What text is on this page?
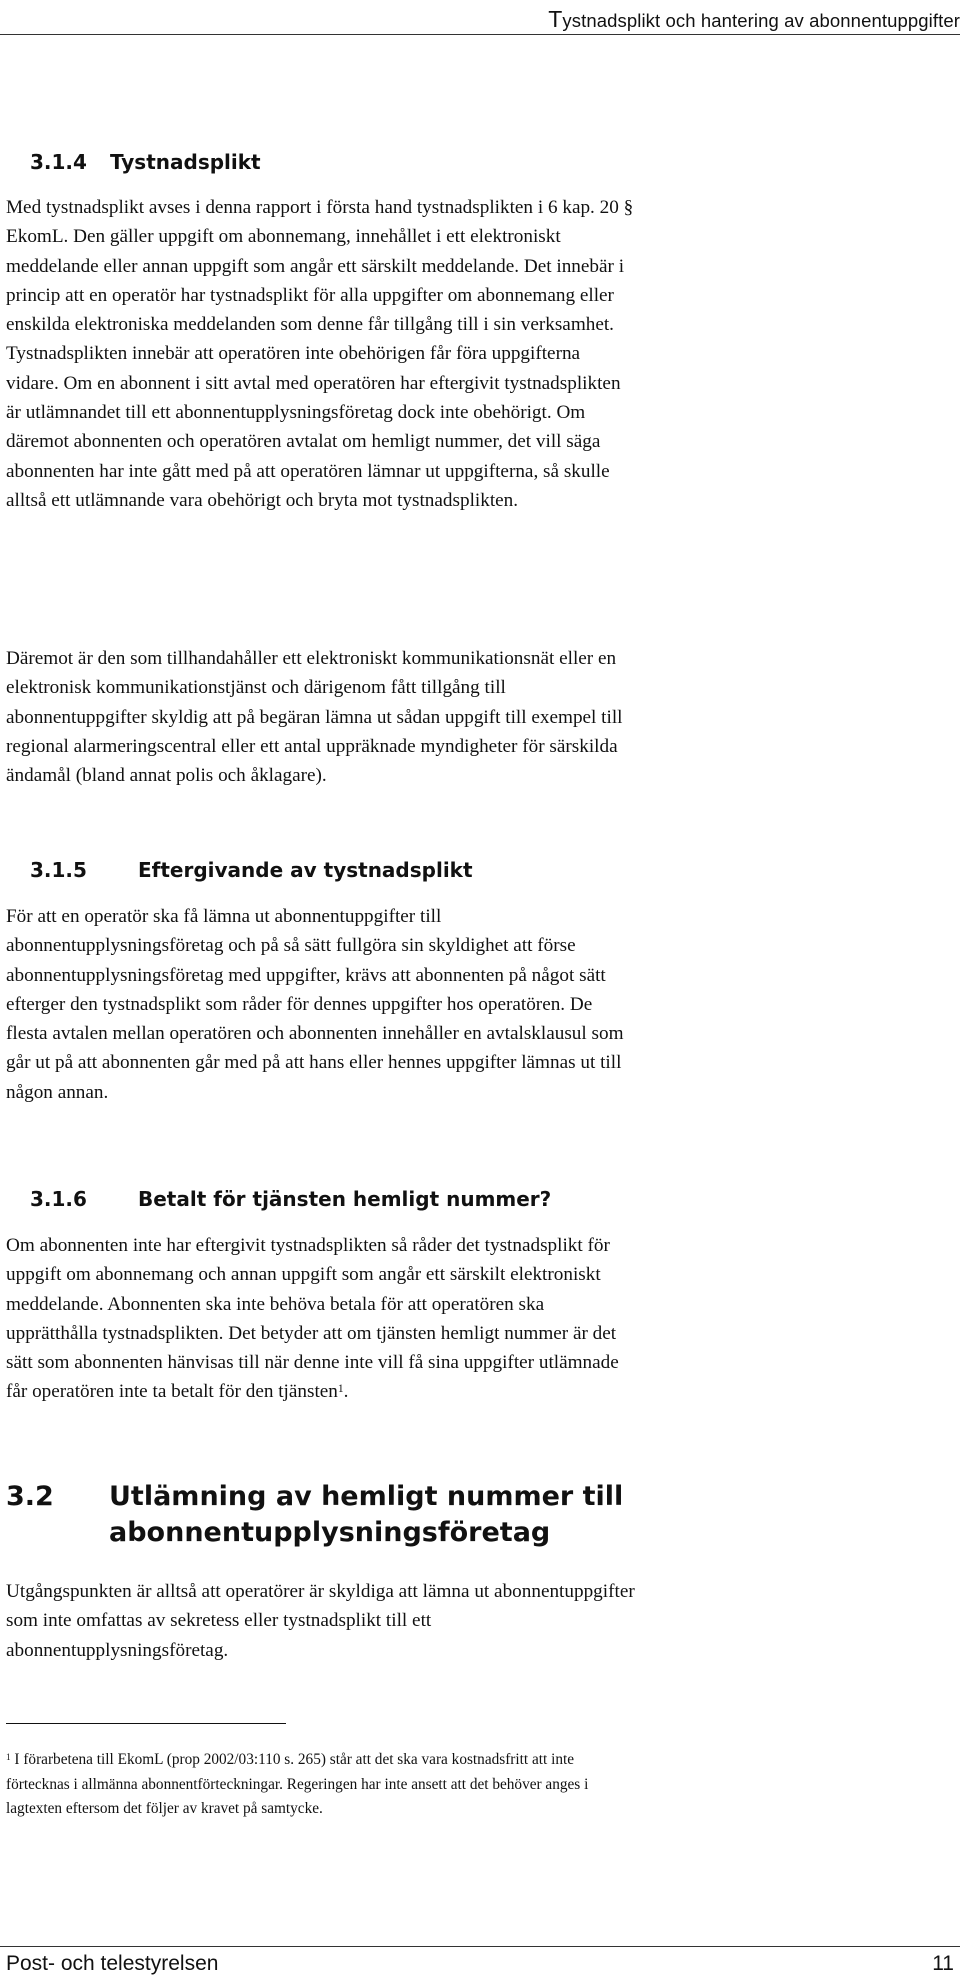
Tystnadsplikt och hantering av abonnentuppgifter
3.1.4 Tystnadsplikt
Med tystnadsplikt avses i denna rapport i första hand tystnadsplikten i 6 kap. 20 §
EkomL. Den gäller uppgift om abonnemang, innehållet i ett elektroniskt
meddelande eller annan uppgift som angår ett särskilt meddelande. Det innebär i
princip att en operatör har tystnadsplikt för alla uppgifter om abonnemang eller
enskilda elektroniska meddelanden som denne får tillgång till i sin verksamhet.
Tystnadsplikten innebär att operatören inte obehörigen får föra uppgifterna
vidare. Om en abonnent i sitt avtal med operatören har eftergivit tystnadsplikten
är utlämnandet till ett abonnentupplysningsföretag dock inte obehörigt. Om
däremot abonnenten och operatören avtalat om hemligt nummer, det vill säga
abonnenten har inte gått med på att operatören lämnar ut uppgifterna, så skulle
alltså ett utlämnande vara obehörigt och bryta mot tystnadsplikten.
Däremot är den som tillhandahåller ett elektroniskt kommunikationsnät eller en
elektronisk kommunikationstjänst och därigenom fått tillgång till
abonnentuppgifter skyldig att på begäran lämna ut sådan uppgift till exempel till
regional alarmeringscentral eller ett antal uppräknade myndigheter för särskilda
ändamål (bland annat polis och åklagare).
3.1.5	Eftergivande av tystnadsplikt
För att en operatör ska få lämna ut abonnentuppgifter till
abonnentupplysningsföretag och på så sätt fullgöra sin skyldighet att förse
abonnentupplysningsföretag med uppgifter, krävs att abonnenten på något sätt
efterger den tystnadsplikt som råder för dennes uppgifter hos operatören. De
flesta avtalen mellan operatören och abonnenten innehåller en avtalsklausul som
går ut på att abonnenten går med på att hans eller hennes uppgifter lämnas ut till
någon annan.
3.1.6	Betalt för tjänsten hemligt nummer?
Om abonnenten inte har eftergivit tystnadsplikten så råder det tystnadsplikt för
uppgift om abonnemang och annan uppgift som angår ett särskilt elektroniskt
meddelande. Abonnenten ska inte behöva betala för att operatören ska
upprätthålla tystnadsplikten. Det betyder att om tjänsten hemligt nummer är det
sätt som abonnenten hänvisas till när denne inte vill få sina uppgifter utlämnade
får operatören inte ta betalt för den tjänsten$^1$.
3.2 Utlämning av hemligt nummer till
abonnentupplysningsföretag
Utgångspunkten är alltså att operatörer är skyldiga att lämna ut abonnentuppgifter
som inte omfattas av sekretess eller tystnadsplikt till ett
abonnentupplysningsföretag.
$^1$ I förarbetena till EkomL (prop 2002/03:110 s. 265) står att det ska vara kostnadsfritt att inte
förtecknas i allmänna abonnentförteckningar. Regeringen har inte ansett att det behöver anges i
lagtexten eftersom det följer av kravet på samtycke.
Post- och telestyrelsen	11
